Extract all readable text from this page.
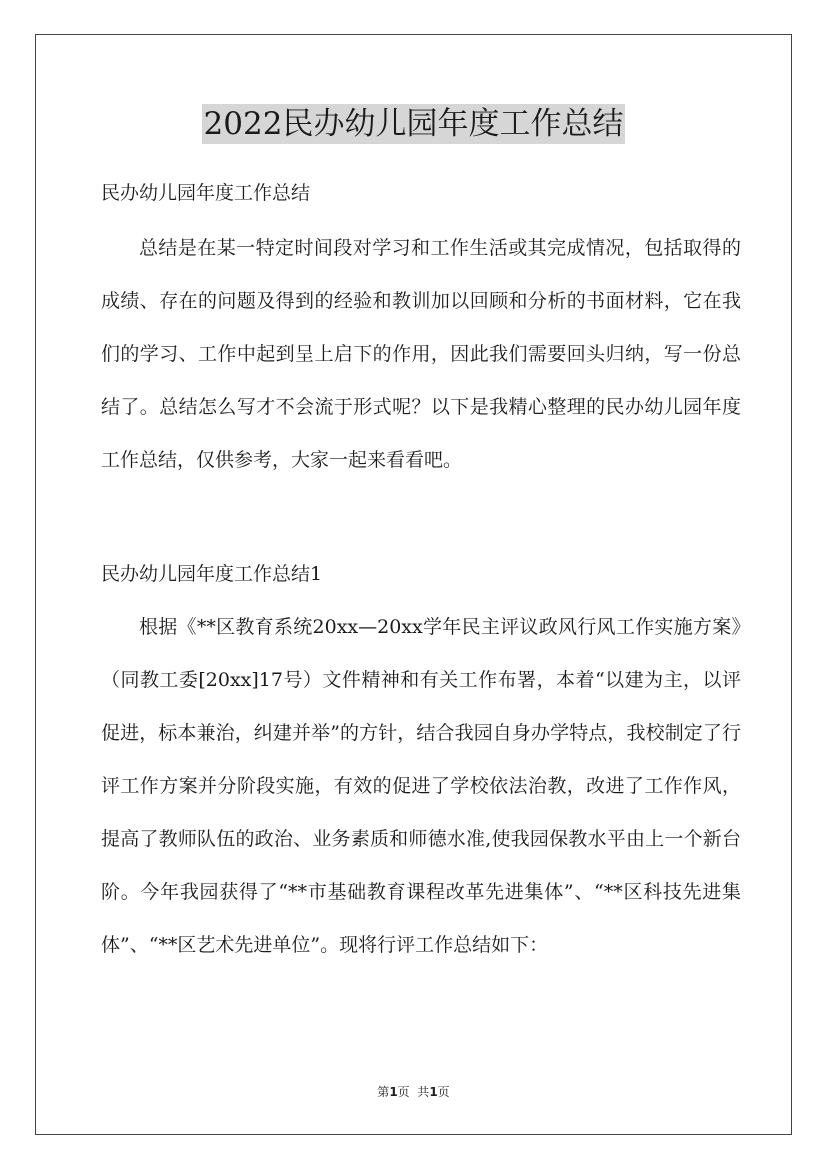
2022民办幼儿园年度工作总结
民办幼儿园年度工作总结

总结是在某一特定时间段对学习和工作生活或其完成情况，包括取得的成绩、存在的问题及得到的经验和教训加以回顾和分析的书面材料，它在我们的学习、工作中起到呈上启下的作用，因此我们需要回头归纳，写一份总结了。总结怎么写才不会流于形式呢？以下是我精心整理的民办幼儿园年度工作总结，仅供参考，大家一起来看看吧。

民办幼儿园年度工作总结1

根据《**区教育系统20xx—20xx学年民主评议政风行风工作实施方案》（同教工委[20xx]17号）文件精神和有关工作布署，本着“以建为主，以评促进，标本兼治，纠建并举”的方针，结合我园自身办学特点，我校制定了行评工作方案并分阶段实施，有效的促进了学校依法治教，改进了工作作风，提高了教师队伍的政治、业务素质和师德水准,使我园保教水平由上一个新台阶。今年我园获得了“**市基础教育课程改革先进集体”、“**区科技先进集体”、“**区艺术先进单位”。现将行评工作总结如下：

第1页  共1页
